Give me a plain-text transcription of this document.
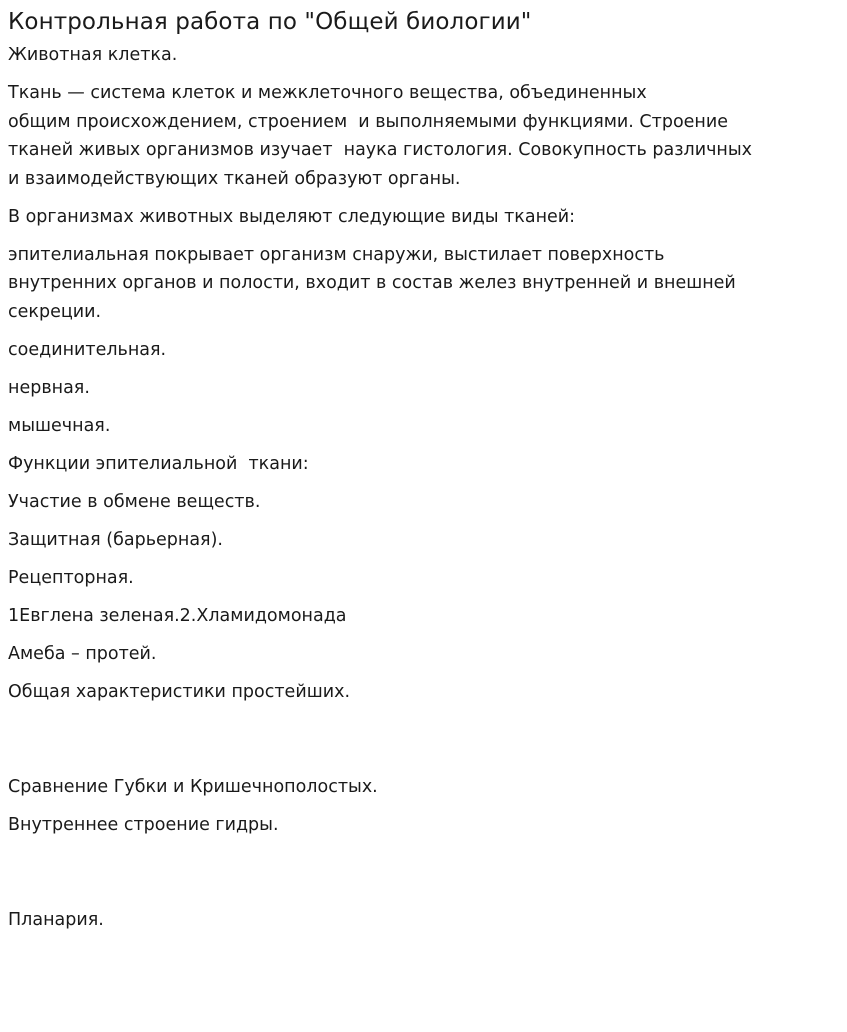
Контрольная работа по "Общей биологии"
Животная клетка.
Ткань — система клеток и межклеточного вещества, объединенных
общим происхождением, строением  и выполняемыми функциями. Строение
тканей живых организмов изучает  наука гистология. Совокупность различных
и взаимодействующих тканей образуют органы.
В организмах животных выделяют следующие виды тканей:
эпителиальная покрывает организм снаружи, выстилает поверхность
внутренних органов и полости, входит в состав желез внутренней и внешней
секреции.
соединительная.
нервная.
мышечная.
Функции эпителиальной  ткани:
Участие в обмене веществ.
Защитная (барьерная).
Рецепторная.
1Евглена зеленая.2.Хламидомонада
Амеба – протей.
Общая характеристики простейших.
Сравнение Губки и Кришечнополостых.
Внутреннее строение гидры.
Планария.
